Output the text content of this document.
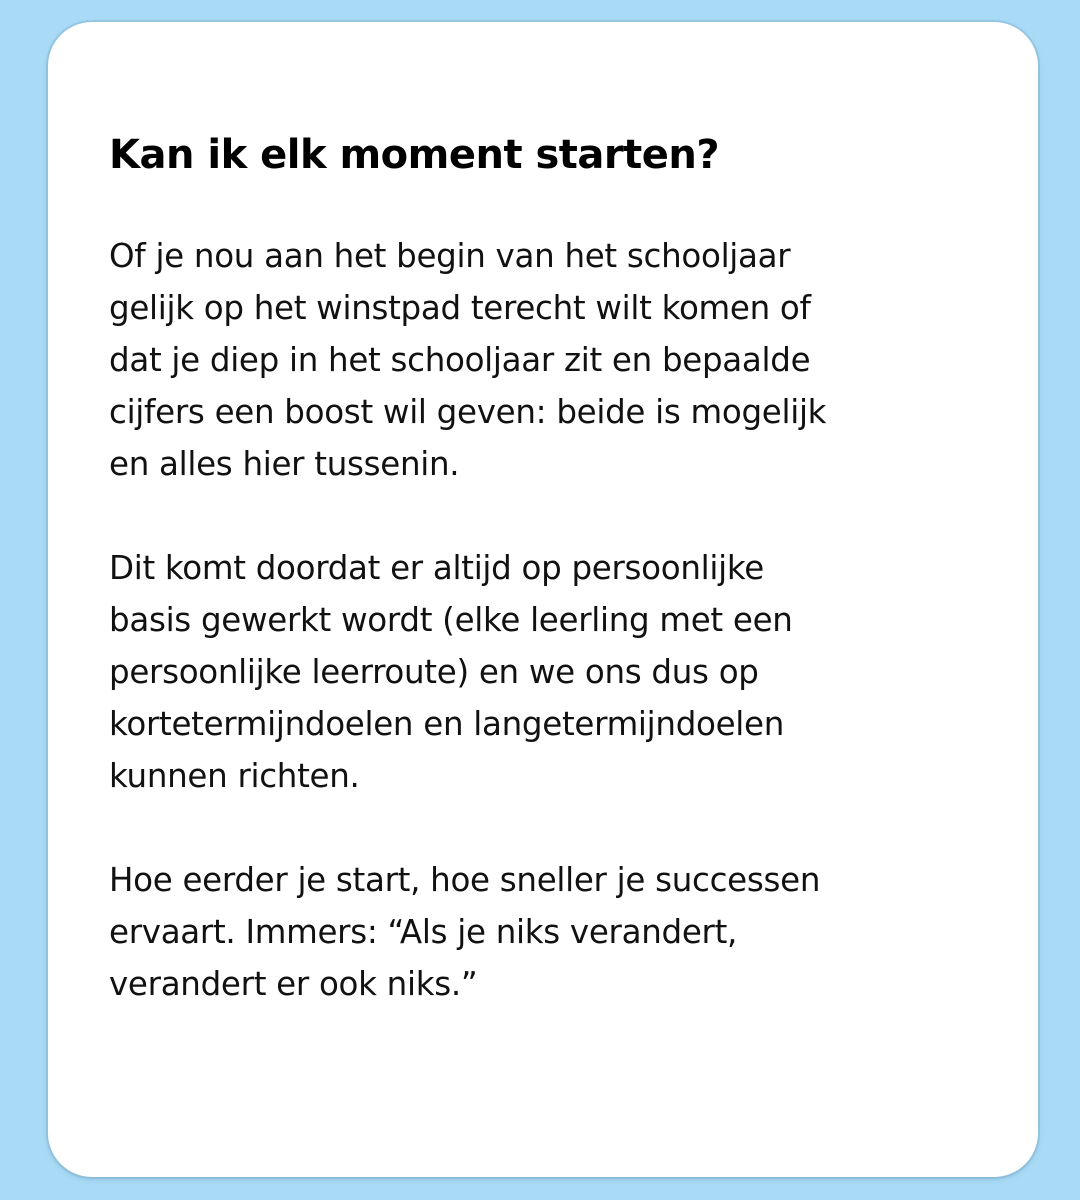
Kan ik elk moment starten?

Of je nou aan het begin van het schooljaar
gelijk op het winstpad terecht wilt komen of
dat je diep in het schooljaar zit en bepaalde
cijfers een boost wil geven: beide is mogelijk
en alles hier tussenin.

Dit komt doordat er altijd op persoonlijke
basis gewerkt wordt (elke leerling met een
persoonlijke leerroute) en we ons dus op
kortetermijndoelen en langetermijndoelen
kunnen richten.

Hoe eerder je start, hoe sneller je successen
ervaart. Immers: “Als je niks verandert,
verandert er ook niks.”
